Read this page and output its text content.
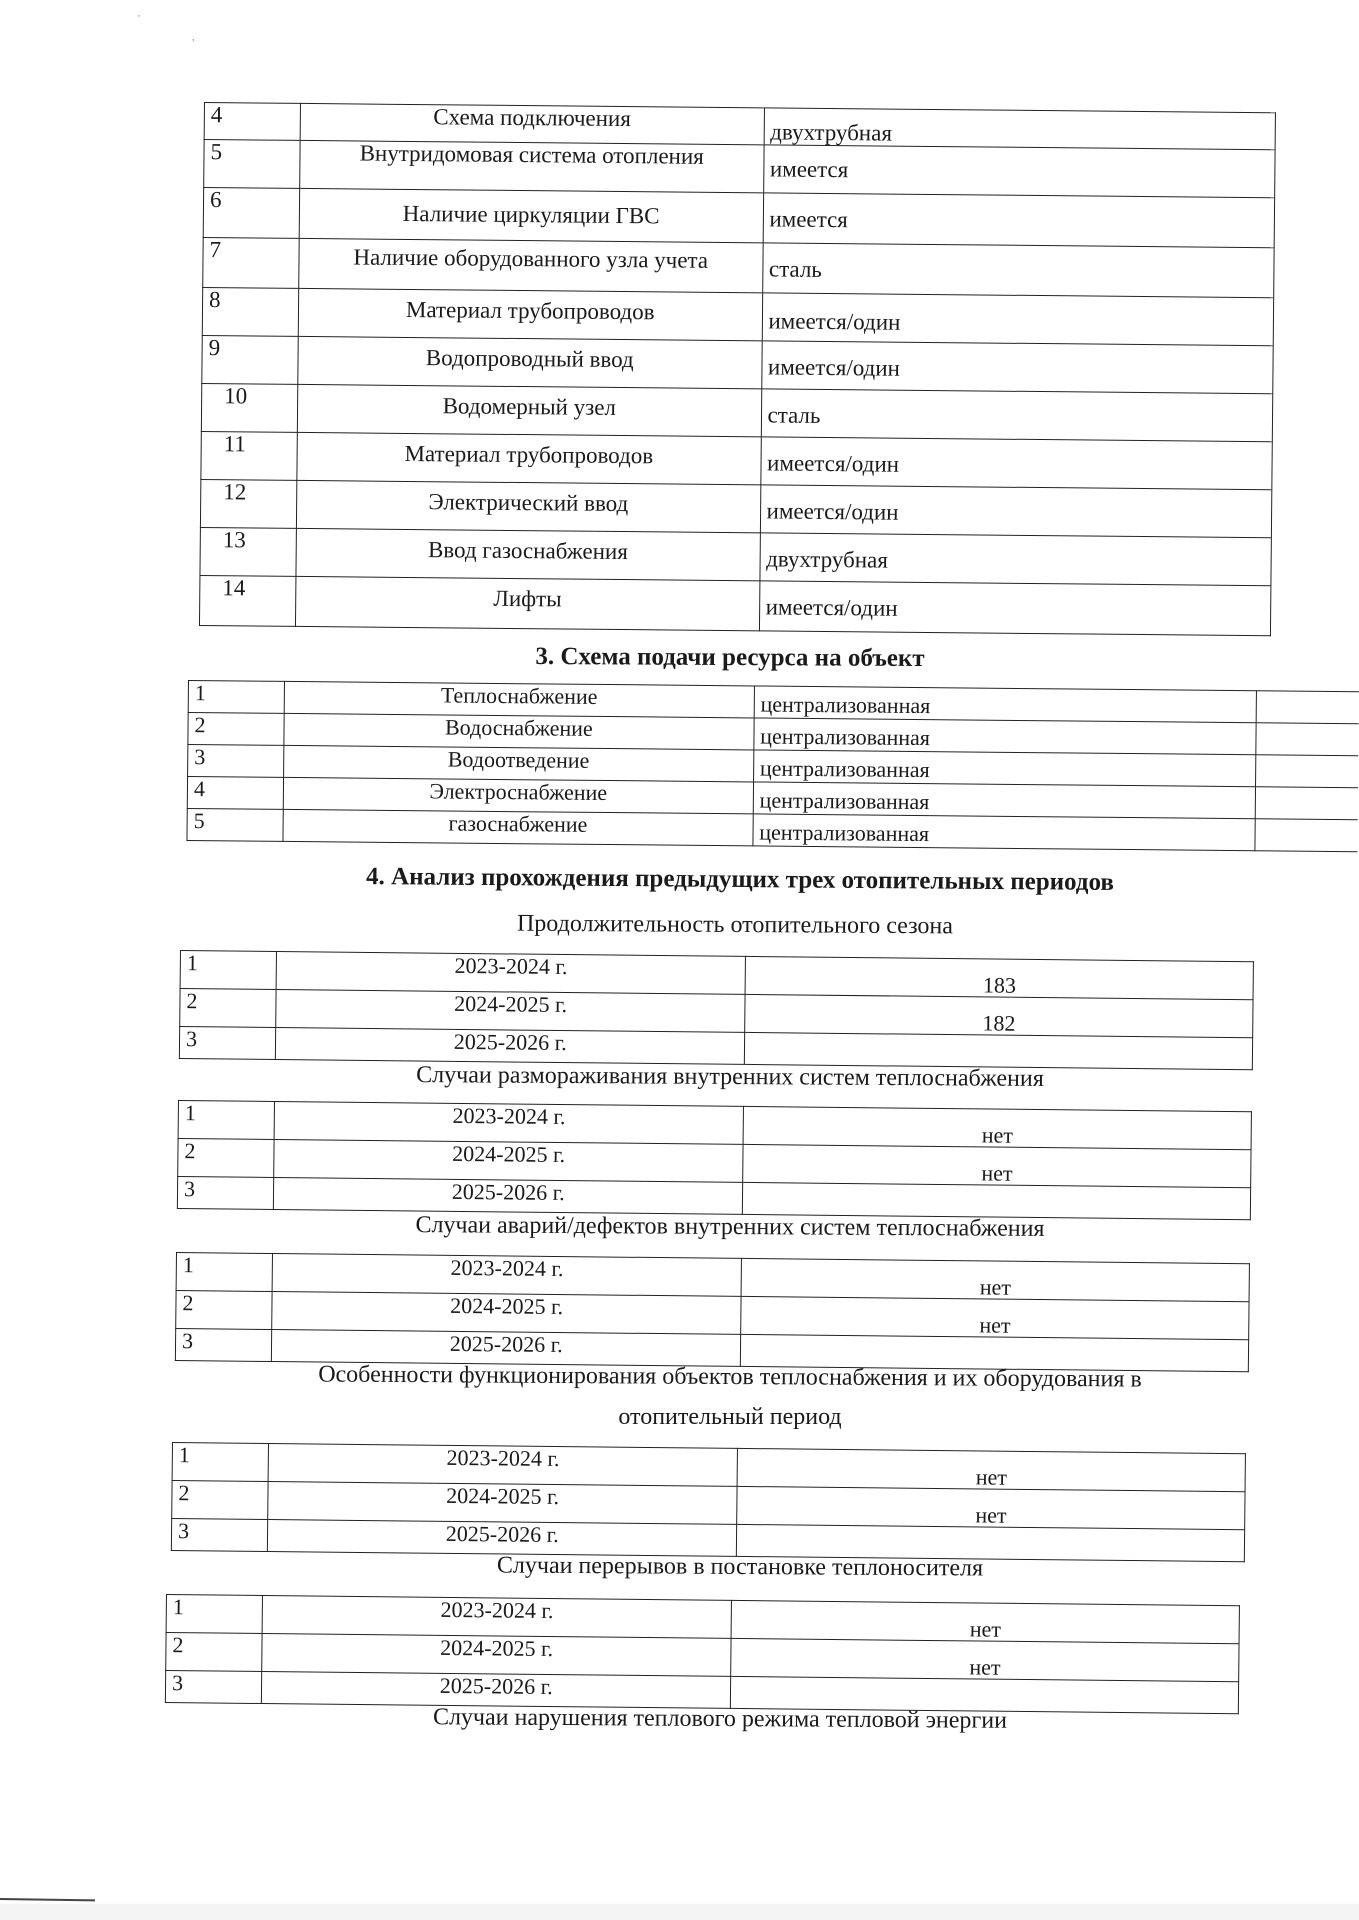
'
,
4	Схема подключения	двухтрубная
5	Внутридомовая система отопления	имеется
6	Наличие циркуляции ГВС	имеется
7	Наличие оборудованного узла учета	сталь
8	Материал трубопроводов	имеется/один
9	Водопроводный ввод	имеется/один
10	Водомерный узел	сталь
11	Материал трубопроводов	имеется/один
12	Электрический ввод	имеется/один
13	Ввод газоснабжения	двухтрубная
14	Лифты	имеется/один
3. Схема подачи ресурса на объект
1	Теплоснабжение	централизованная	
2	Водоснабжение	централизованная	
3	Водоотведение	централизованная	
4	Электроснабжение	централизованная	
5	газоснабжение	централизованная	
4. Анализ прохождения предыдущих трех отопительных периодов
Продолжительность отопительного сезона
1	2023-2024 г.	183
2	2024-2025 г.	182
3	2025-2026 г.	
Случаи размораживания внутренних систем теплоснабжения
1	2023-2024 г.	нет
2	2024-2025 г.	нет
3	2025-2026 г.	
Случаи аварий/дефектов внутренних систем теплоснабжения
1	2023-2024 г.	нет
2	2024-2025 г.	нет
3	2025-2026 г.	
Особенности функционирования объектов теплоснабжения и их оборудования в
отопительный период
1	2023-2024 г.	нет
2	2024-2025 г.	нет
3	2025-2026 г.	
Случаи перерывов в постановке теплоносителя
1	2023-2024 г.	нет
2	2024-2025 г.	нет
3	2025-2026 г.	
Случаи нарушения теплового режима тепловой энергии
